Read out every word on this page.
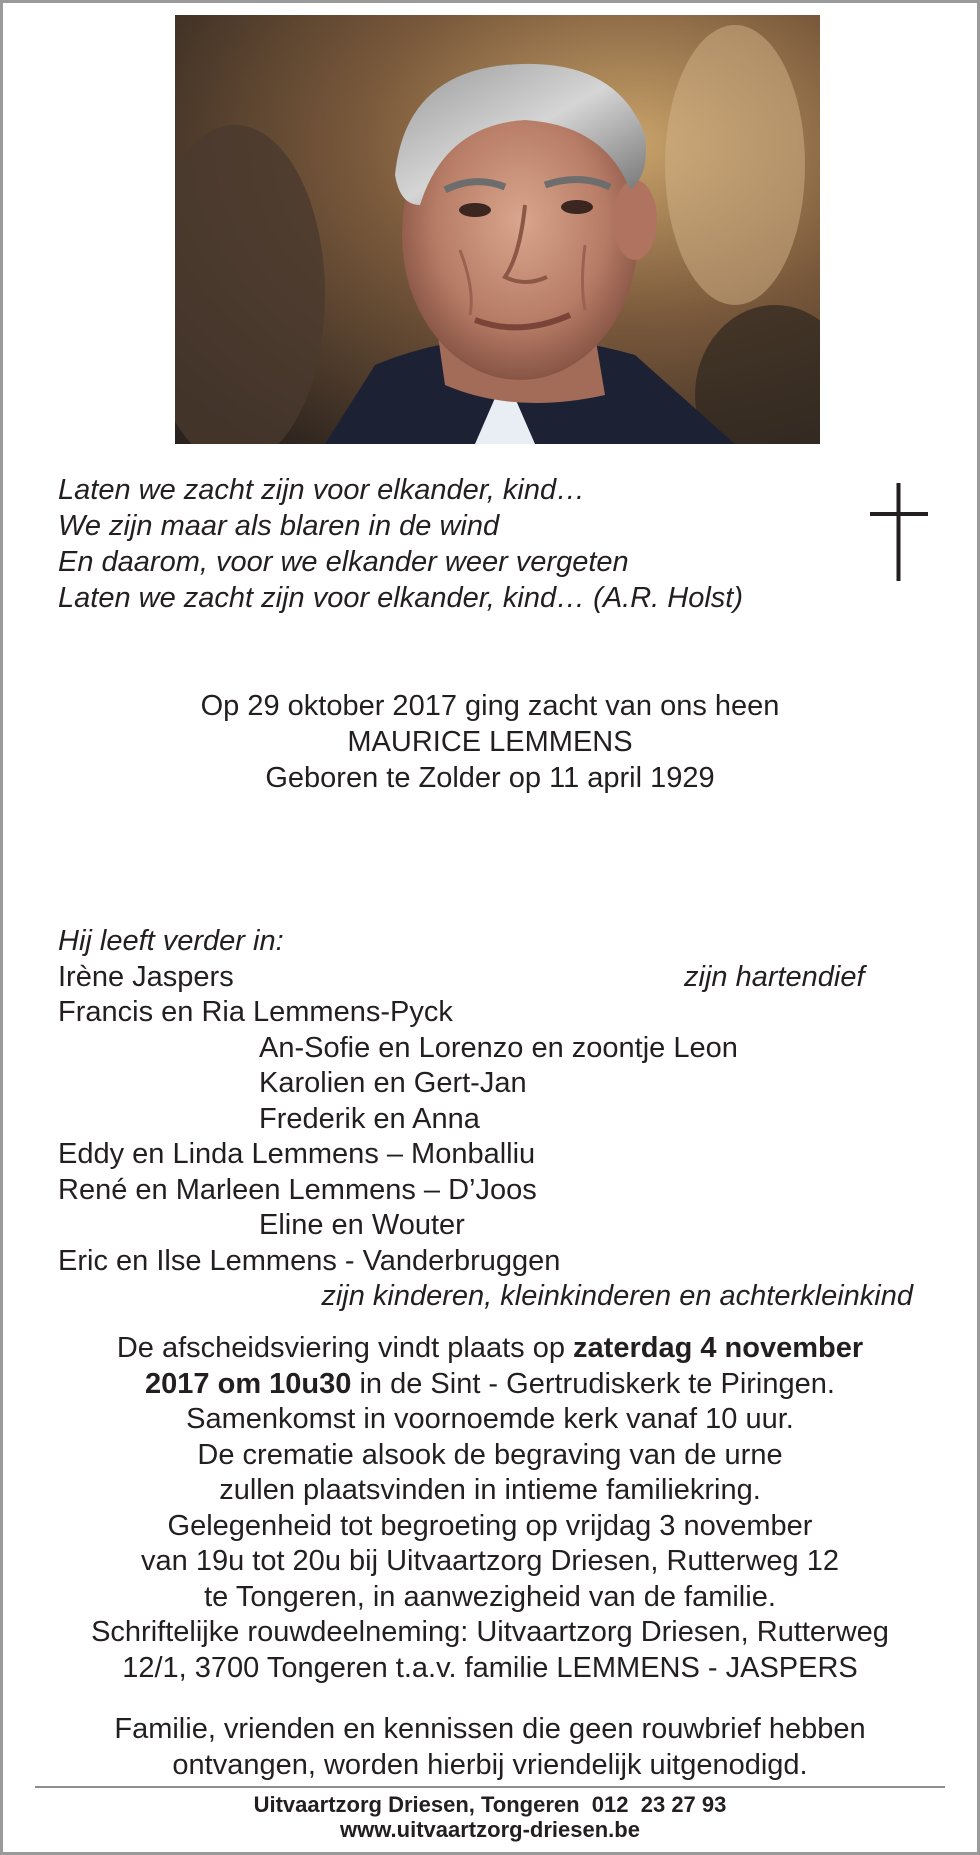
Laten we zacht zijn voor elkander, kind…
We zijn maar als blaren in de wind
En daarom, voor we elkander weer vergeten
Laten we zacht zijn voor elkander, kind… (A.R. Holst)
Op 29 oktober 2017 ging zacht van ons heen
MAURICE LEMMENS
Geboren te Zolder op 11 april 1929
Hij leeft verder in:
Irène Jaspers	zijn hartendief
Francis en Ria Lemmens-Pyck
An-Sofie en Lorenzo en zoontje Leon
Karolien en Gert-Jan
Frederik en Anna
Eddy en Linda Lemmens – Monballiu
René en Marleen Lemmens – D’Joos
Eline en Wouter
Eric en Ilse Lemmens - Vanderbruggen
zijn kinderen, kleinkinderen en achterkleinkind
De afscheidsviering vindt plaats op zaterdag 4 november
2017 om 10u30 in de Sint - Gertrudiskerk te Piringen.
Samenkomst in voornoemde kerk vanaf 10 uur.
De crematie alsook de begraving van de urne
zullen plaatsvinden in intieme familiekring.
Gelegenheid tot begroeting op vrijdag 3 november
van 19u tot 20u bij Uitvaartzorg Driesen, Rutterweg 12
te Tongeren, in aanwezigheid van de familie.
Schriftelijke rouwdeelneming: Uitvaartzorg Driesen, Rutterweg
12/1, 3700 Tongeren t.a.v. familie LEMMENS - JASPERS
Familie, vrienden en kennissen die geen rouwbrief hebben
ontvangen, worden hierbij vriendelijk uitgenodigd.
Uitvaartzorg Driesen, Tongeren  012  23 27 93
www.uitvaartzorg-driesen.be
